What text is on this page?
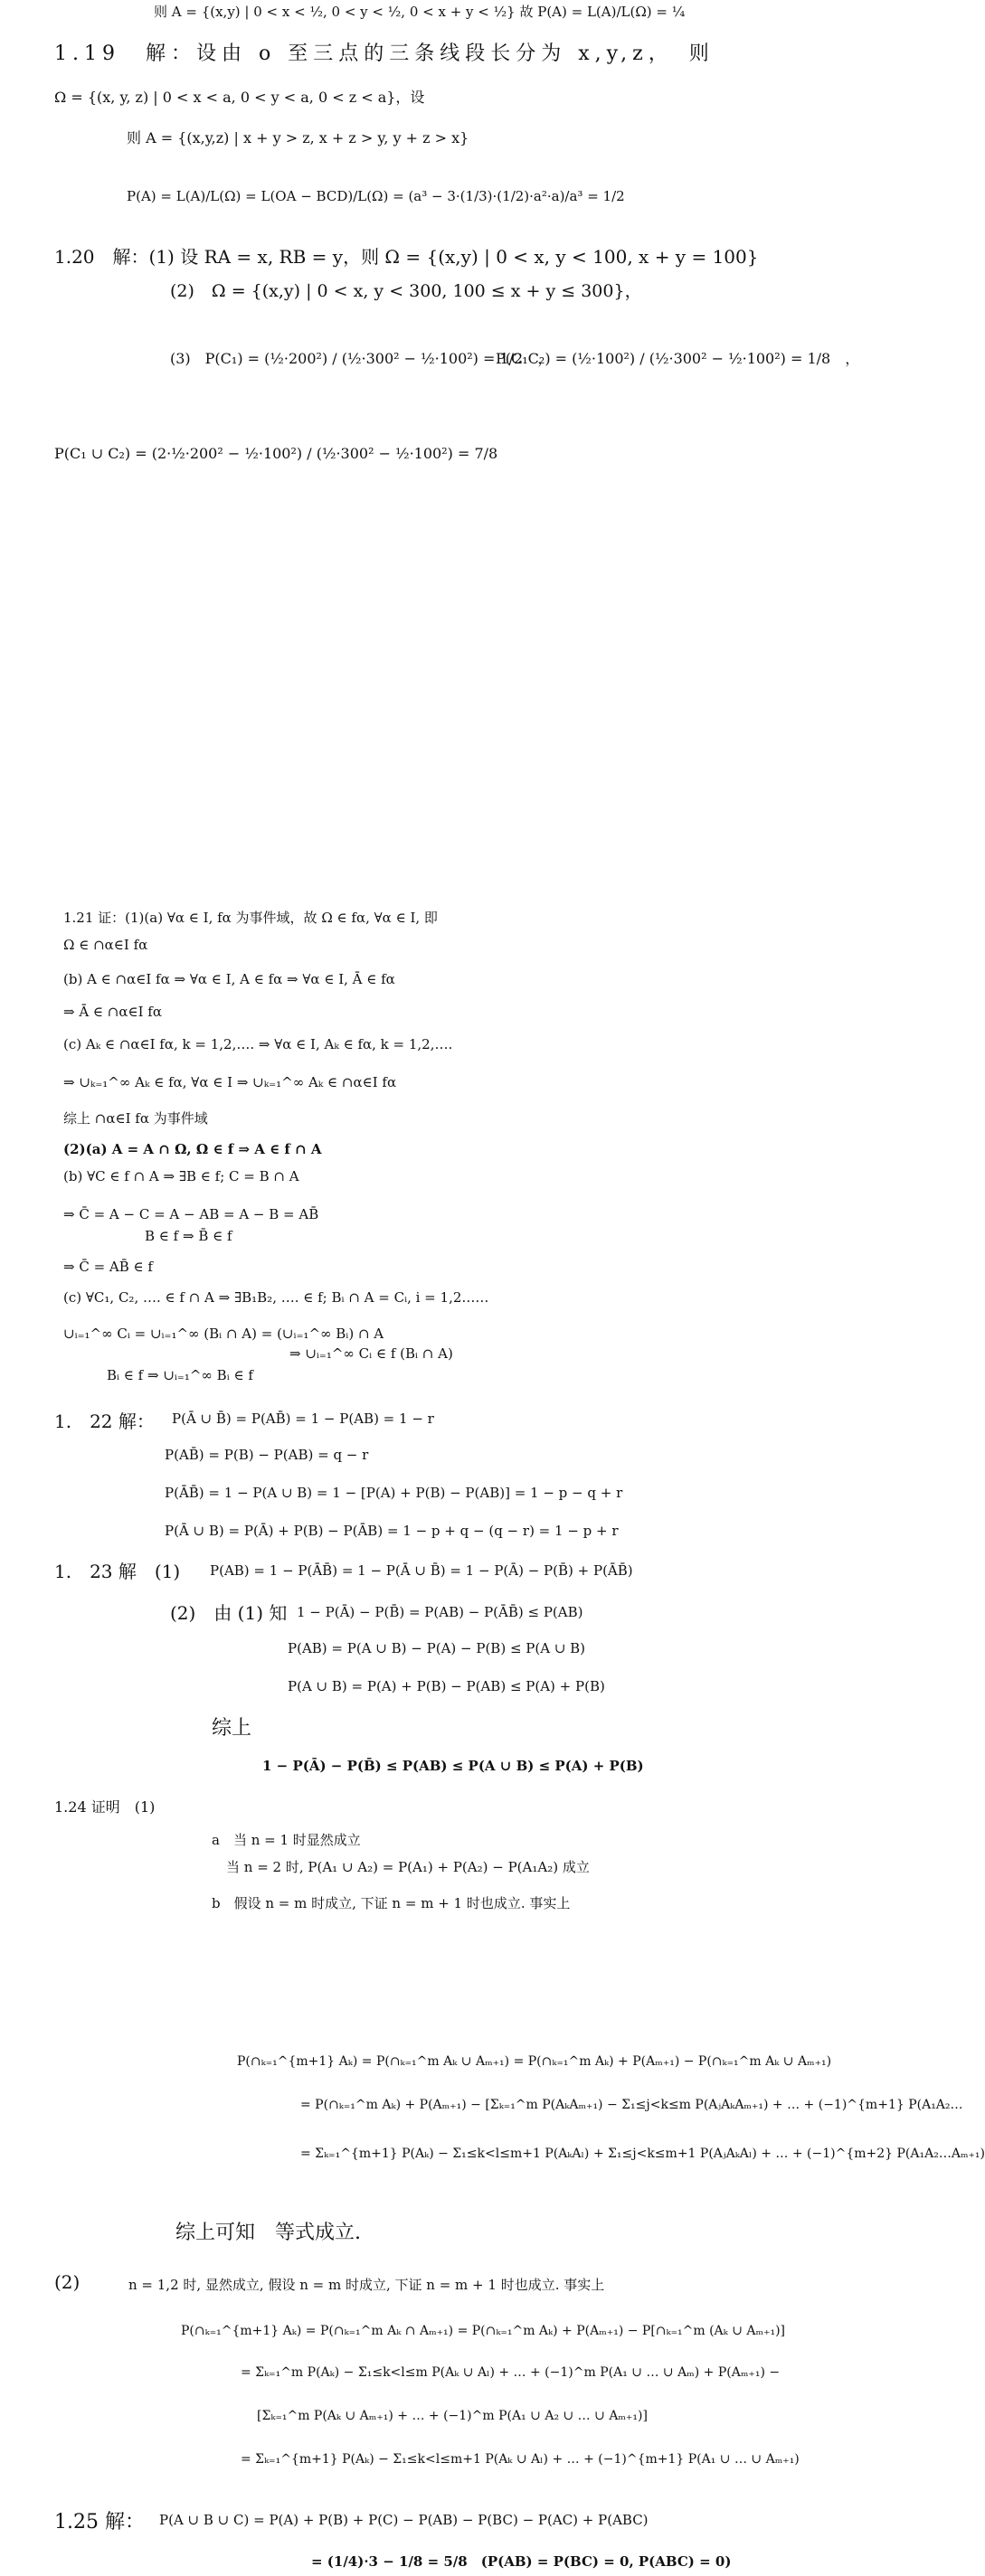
则 A = {(x,y) | 0 < x < ½, 0 < y < ½, 0 < x + y < ½} 故 P(A) = L(A)/L(Ω) = ¼
1.19　解：设由 o 至三点的三条线段长分为 x,y,z，　则
Ω = {(x, y, z) | 0 < x < a, 0 < y < a, 0 < z < a}，设
则 A = {(x,y,z) | x + y > z, x + z > y, y + z > x}
P(A) = L(A)/L(Ω) = L(OA − BCD)/L(Ω) = (a³ − 3·(1/3)·(1/2)·a²·a)/a³ = 1/2
1.20　解：(1) 设 RA = x, RB = y，则 Ω = {(x,y) | 0 < x, y < 100, x + y = 100}
(2)　Ω = {(x,y) | 0 < x, y < 300, 100 ≤ x + y ≤ 300}，
(3)　P(C₁) = (½·200²) / (½·300² − ½·100²) = 1/2　，
P(C₁C₂) = (½·100²) / (½·300² − ½·100²) = 1/8　，
P(C₁ ∪ C₂) = (2·½·200² − ½·100²) / (½·300² − ½·100²) = 7/8
1.21 证：(1)(a) ∀α ∈ I, fα 为事件域，故 Ω ∈ fα, ∀α ∈ I, 即
Ω ∈ ∩α∈I fα
(b) A ∈ ∩α∈I fα ⇒ ∀α ∈ I, A ∈ fα ⇒ ∀α ∈ I, Ā ∈ fα
⇒ Ā ∈ ∩α∈I fα
(c) Aₖ ∈ ∩α∈I fα, k = 1,2,…. ⇒ ∀α ∈ I, Aₖ ∈ fα, k = 1,2,….
⇒ ∪ₖ₌₁^∞ Aₖ ∈ fα, ∀α ∈ I ⇒ ∪ₖ₌₁^∞ Aₖ ∈ ∩α∈I fα
综上 ∩α∈I fα 为事件域
(2)(a) A = A ∩ Ω, Ω ∈ f ⇒ A ∈ f ∩ A
(b) ∀C ∈ f ∩ A ⇒ ∃B ∈ f; C = B ∩ A
⇒ C̄ = A − C = A − AB = A − B = AB̄
B ∈ f ⇒ B̄ ∈ f
⇒ C̄ = AB̄ ∈ f
(c) ∀C₁, C₂, …. ∈ f ∩ A ⇒ ∃B₁B₂, …. ∈ f; Bᵢ ∩ A = Cᵢ, i = 1,2……
∪ᵢ₌₁^∞ Cᵢ = ∪ᵢ₌₁^∞ (Bᵢ ∩ A) = (∪ᵢ₌₁^∞ Bᵢ) ∩ A
⇒ ∪ᵢ₌₁^∞ Cᵢ ∈ f (Bᵢ ∩ A)
Bᵢ ∈ f ⇒ ∪ᵢ₌₁^∞ Bᵢ ∈ f
1.　22 解： P(Ā ∪ B̄) = P(AB̄) = 1 − P(AB) = 1 − r
P(AB̄) = P(B) − P(AB) = q − r
P(ĀB̄) = 1 − P(A ∪ B) = 1 − [P(A) + P(B) − P(AB)] = 1 − p − q + r
P(Ā ∪ B) = P(Ā) + P(B) − P(ĀB) = 1 − p + q − (q − r) = 1 − p + r
1.　23 解　(1) P(AB) = 1 − P(ĀB̄) = 1 − P(Ā ∪ B̄) = 1 − P(Ā) − P(B̄) + P(ĀB̄)
(2)　由 (1) 知 1 − P(Ā) − P(B̄) = P(AB) − P(ĀB̄) ≤ P(AB)
P(AB) = P(A ∪ B) − P(A) − P(B) ≤ P(A ∪ B)
P(A ∪ B) = P(A) + P(B) − P(AB) ≤ P(A) + P(B)
综上
1 − P(Ā) − P(B̄) ≤ P(AB) ≤ P(A ∪ B) ≤ P(A) + P(B)
1.24 证明　(1)
a　当 n = 1 时显然成立
当 n = 2 时, P(A₁ ∪ A₂) = P(A₁) + P(A₂) − P(A₁A₂) 成立
b　假设 n = m 时成立, 下证 n = m + 1 时也成立. 事实上
P(∩ₖ₌₁^{m+1} Aₖ) = P(∩ₖ₌₁^m Aₖ ∪ Aₘ₊₁) = P(∩ₖ₌₁^m Aₖ) + P(Aₘ₊₁) − P(∩ₖ₌₁^m Aₖ ∪ Aₘ₊₁)
= P(∩ₖ₌₁^m Aₖ) + P(Aₘ₊₁) − [Σₖ₌₁^m P(AₖAₘ₊₁) − Σ₁≤j<k≤m P(AⱼAₖAₘ₊₁) + … + (−1)^{m+1} P(A₁A₂…
= Σₖ₌₁^{m+1} P(Aₖ) − Σ₁≤k<l≤m+1 P(AₖAₗ) + Σ₁≤j<k≤m+1 P(AⱼAₖAₗ) + … + (−1)^{m+2} P(A₁A₂…Aₘ₊₁)
综上可知　等式成立.
(2)	n = 1,2 时, 显然成立, 假设 n = m 时成立, 下证 n = m + 1 时也成立. 事实上
P(∩ₖ₌₁^{m+1} Aₖ) = P(∩ₖ₌₁^m Aₖ ∩ Aₘ₊₁) = P(∩ₖ₌₁^m Aₖ) + P(Aₘ₊₁) − P[∩ₖ₌₁^m (Aₖ ∪ Aₘ₊₁)]
= Σₖ₌₁^m P(Aₖ) − Σ₁≤k<l≤m P(Aₖ ∪ Aₗ) + … + (−1)^m P(A₁ ∪ … ∪ Aₘ) + P(Aₘ₊₁) −
[Σₖ₌₁^m P(Aₖ ∪ Aₘ₊₁) + … + (−1)^m P(A₁ ∪ A₂ ∪ … ∪ Aₘ₊₁)]
= Σₖ₌₁^{m+1} P(Aₖ) − Σ₁≤k<l≤m+1 P(Aₖ ∪ Aₗ) + … + (−1)^{m+1} P(A₁ ∪ … ∪ Aₘ₊₁)
1.25 解： P(A ∪ B ∪ C) = P(A) + P(B) + P(C) − P(AB) − P(BC) − P(AC) + P(ABC)
= (1/4)·3 − 1/8 = 5/8　(P(AB) = P(BC) = 0, P(ABC) = 0)
